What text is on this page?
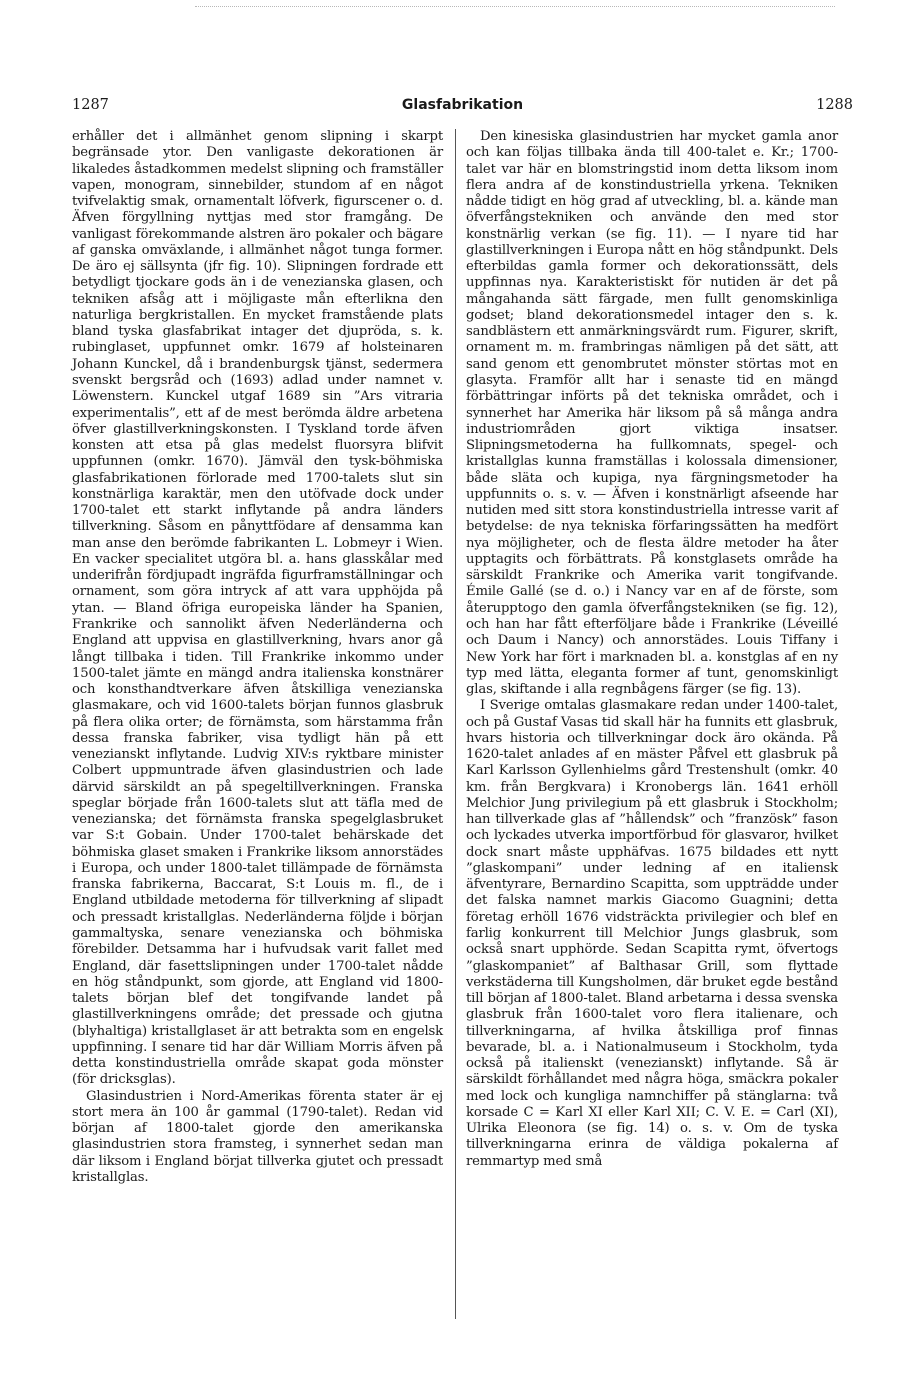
1287	Glasfabrikation	1288

erhåller det i allmänhet genom slipning i skarpt begränsade ytor. Den vanligaste dekorationen är likaledes åstadkommen medelst slipning och framställer vapen, monogram, sinnebilder, stundom af en något tvifvelaktig smak, ornamentalt löfverk, figurscener o. d. Äfven förgyllning nyttjas med stor framgång. De vanligast förekommande alstren äro pokaler och bägare af ganska omväxlande, i allmänhet något tunga former. De äro ej sällsynta (jfr fig. 10). Slipningen fordrade ett betydligt tjockare gods än i de venezianska glasen, och tekniken afsåg att i möjligaste mån efterlikna den naturliga bergkristallen. En mycket framstående plats bland tyska glasfabrikat intager det djupröda, s. k. rubinglaset, uppfunnet omkr. 1679 af holsteinaren Johann Kunckel, då i brandenburgsk tjänst, sedermera svenskt bergsråd och (1693) adlad under namnet v. Löwenstern. Kunckel utgaf 1689 sin ”Ars vitraria experimentalis”, ett af de mest berömda äldre arbetena öfver glastillverkningskonsten. I Tyskland torde äfven konsten att etsa på glas medelst fluorsyra blifvit uppfunnen (omkr. 1670). Jämväl den tysk-böhmiska glasfabrikationen förlorade med 1700-talets slut sin konstnärliga karaktär, men den utöfvade dock under 1700-talet ett starkt inflytande på andra länders tillverkning. Såsom en pånyttfödare af densamma kan man anse den berömde fabrikanten L. Lobmeyr i Wien. En vacker specialitet utgöra bl. a. hans glasskålar med underifrån fördjupadt ingräfda figurframställningar och ornament, som göra intryck af att vara upphöjda på ytan. — Bland öfriga europeiska länder ha Spanien, Frankrike och sannolikt äfven Nederländerna och England att uppvisa en glastillverkning, hvars anor gå långt tillbaka i tiden. Till Frankrike inkommo under 1500-talet jämte en mängd andra italienska konstnärer och konsthandtverkare äfven åtskilliga venezianska glasmakare, och vid 1600-talets början funnos glasbruk på flera olika orter; de förnämsta, som härstamma från dessa franska fabriker, visa tydligt hän på ett venezianskt inflytande. Ludvig XIV:s ryktbare minister Colbert uppmuntrade äfven glasindustrien och lade därvid särskildt an på spegeltillverkningen. Franska speglar började från 1600-talets slut att täfla med de venezianska; det förnämsta franska spegelglasbruket var S:t Gobain. Under 1700-talet behärskade det böhmiska glaset smaken i Frankrike liksom annorstädes i Europa, och under 1800-talet tillämpade de förnämsta franska fabrikerna, Baccarat, S:t Louis m. fl., de i England utbildade metoderna för tillverkning af slipadt och pressadt kristallglas. Nederländerna följde i början gammaltyska, senare venezianska och böhmiska förebilder. Detsamma har i hufvudsak varit fallet med England, där fasettslipningen under 1700-talet nådde en hög ståndpunkt, som gjorde, att England vid 1800-talets början blef det tongifvande landet på glastillverkningens område; det pressade och gjutna (blyhaltiga) kristallglaset är att betrakta som en engelsk uppfinning. I senare tid har där William Morris äfven på detta konstindustriella område skapat goda mönster (för dricksglas).

Glasindustrien i Nord-Amerikas förenta stater är ej stort mera än 100 år gammal (1790-talet). Redan vid början af 1800-talet gjorde den amerikanska glasindustrien stora framsteg, i synnerhet sedan man där liksom i England börjat tillverka gjutet och pressadt kristallglas.

Den kinesiska glasindustrien har mycket gamla anor och kan följas tillbaka ända till 400-talet e. Kr.; 1700-talet var här en blomstringstid inom detta liksom inom flera andra af de konstindustriella yrkena. Tekniken nådde tidigt en hög grad af utveckling, bl. a. kände man öfverfångstekniken och använde den med stor konstnärlig verkan (se fig. 11). — I nyare tid har glastillverkningen i Europa nått en hög ståndpunkt. Dels efterbildas gamla former och dekorationssätt, dels uppfinnas nya. Karakteristiskt för nutiden är det på mångahanda sätt färgade, men fullt genomskinliga godset; bland dekorationsmedel intager den s. k. sandblästern ett anmärkningsvärdt rum. Figurer, skrift, ornament m. m. frambringas nämligen på det sätt, att sand genom ett genombrutet mönster störtas mot en glasyta. Framför allt har i senaste tid en mängd förbättringar införts på det tekniska området, och i synnerhet har Amerika här liksom på så många andra industriområden gjort viktiga insatser. Slipningsmetoderna ha fullkomnats, spegel- och kristallglas kunna framställas i kolossala dimensioner, både släta och kupiga, nya färgningsmetoder ha uppfunnits o. s. v. — Äfven i konstnärligt afseende har nutiden med sitt stora konstindustriella intresse varit af betydelse: de nya tekniska förfaringssätten ha medfört nya möjligheter, och de flesta äldre metoder ha åter upptagits och förbättrats. På konstglasets område ha särskildt Frankrike och Amerika varit tongifvande. Émile Gallé (se d. o.) i Nancy var en af de förste, som återupptogo den gamla öfverfångstekniken (se fig. 12), och han har fått efterföljare både i Frankrike (Léveillé och Daum i Nancy) och annorstädes. Louis Tiffany i New York har fört i marknaden bl. a. konstglas af en ny typ med lätta, eleganta former af tunt, genomskinligt glas, skiftande i alla regnbågens färger (se fig. 13).

I Sverige omtalas glasmakare redan under 1400-talet, och på Gustaf Vasas tid skall här ha funnits ett glasbruk, hvars historia och tillverkningar dock äro okända. På 1620-talet anlades af en mäster Påfvel ett glasbruk på Karl Karlsson Gyllenhielms gård Trestenshult (omkr. 40 km. från Bergkvara) i Kronobergs län. 1641 erhöll Melchior Jung privilegium på ett glasbruk i Stockholm; han tillverkade glas af ”hållendsk” och ”französk” fason och lyckades utverka importförbud för glasvaror, hvilket dock snart måste upphäfvas. 1675 bildades ett nytt ”glaskompani” under ledning af en italiensk äfventyrare, Bernardino Scapitta, som uppträdde under det falska namnet markis Giacomo Guagnini; detta företag erhöll 1676 vidsträckta privilegier och blef en farlig konkurrent till Melchior Jungs glasbruk, som också snart upphörde. Sedan Scapitta rymt, öfvertogs ”glaskompaniet” af Balthasar Grill, som flyttade verkstäderna till Kungsholmen, där bruket egde bestånd till början af 1800-talet. Bland arbetarna i dessa svenska glasbruk från 1600-talet voro flera italienare, och tillverkningarna, af hvilka åtskilliga prof finnas bevarade, bl. a. i Nationalmuseum i Stockholm, tyda också på italienskt (venezianskt) inflytande. Så är särskildt förhållandet med några höga, smäckra pokaler med lock och kungliga namnchiffer på stänglarna: två korsade C = Karl XI eller Karl XII; C. V. E. = Carl (XI), Ulrika Eleonora (se fig. 14) o. s. v. Om de tyska tillverkningarna erinra de väldiga pokalerna af remmartyp med små
